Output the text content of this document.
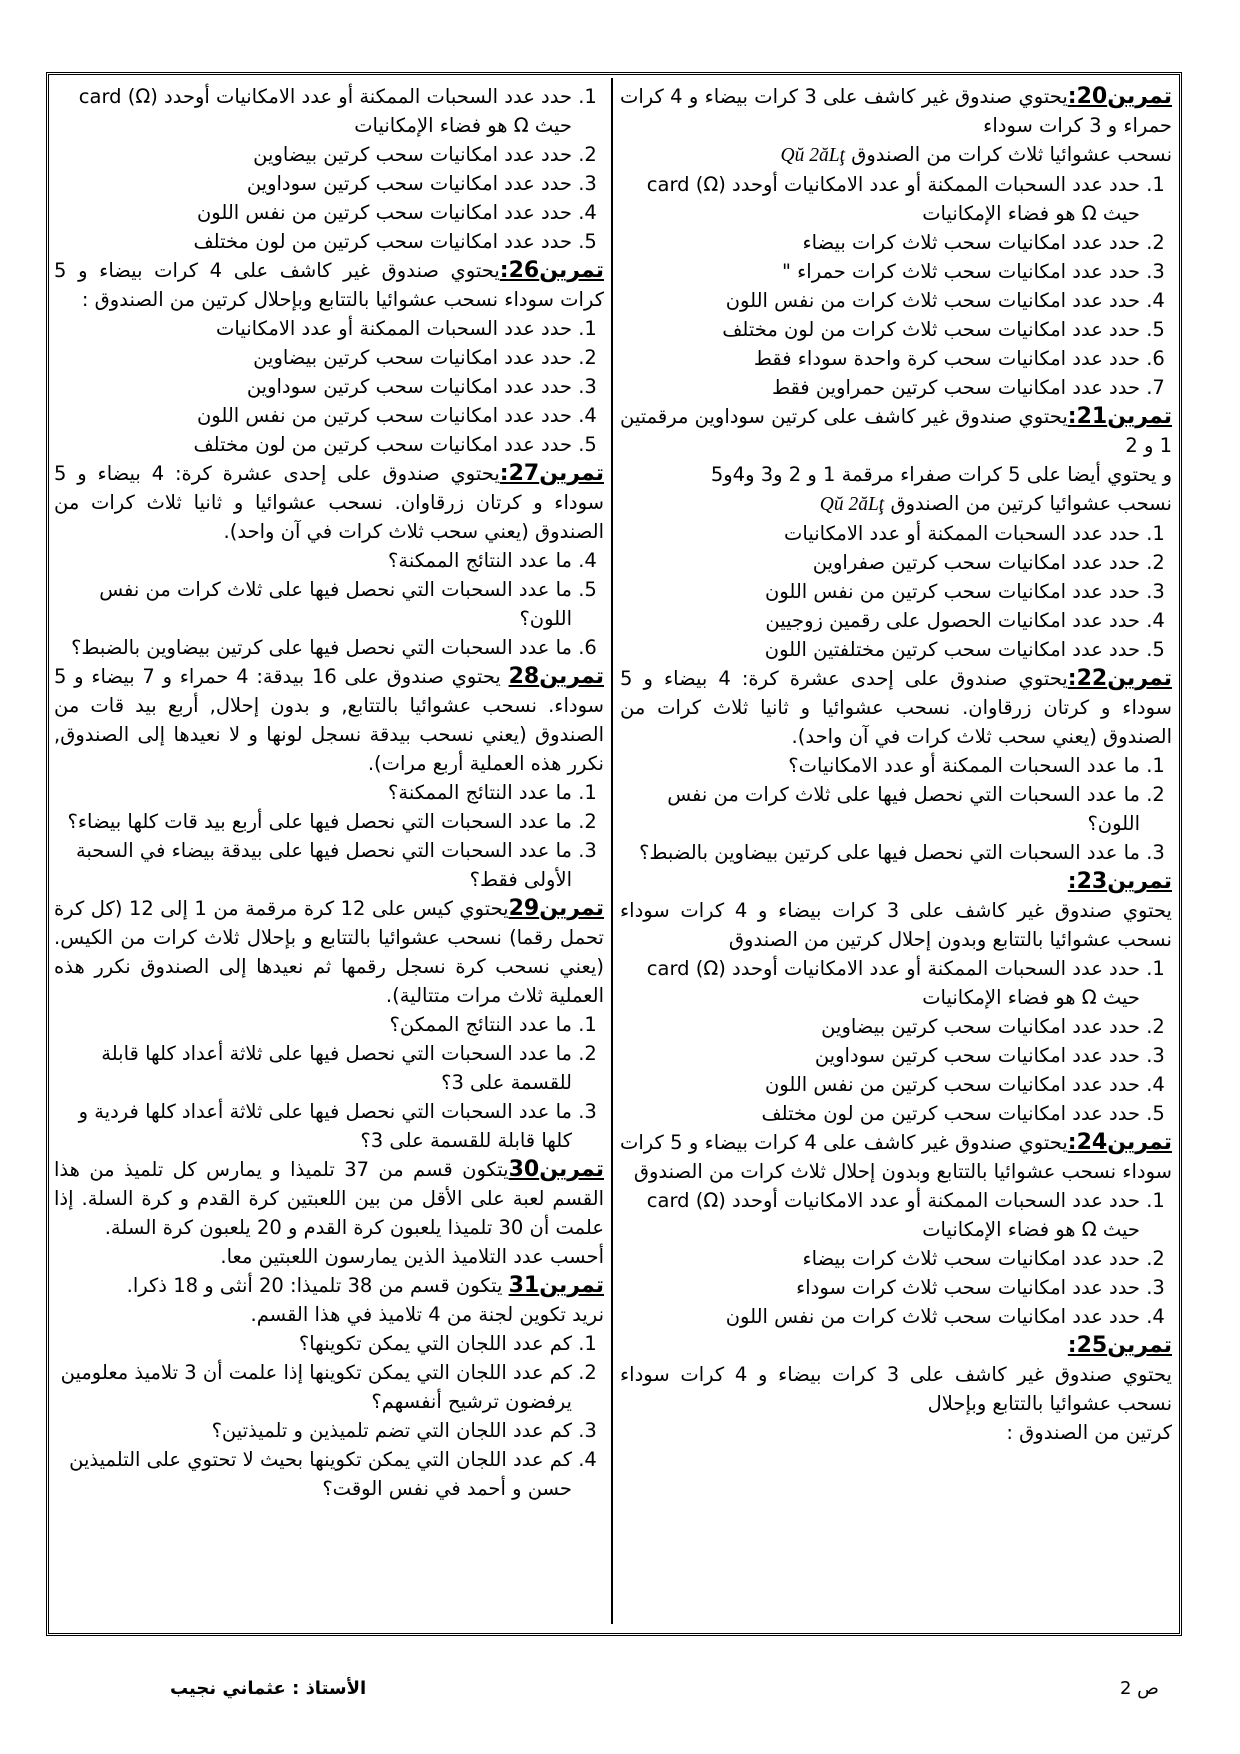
تمرين20:يحتوي صندوق غير كاشف على 3 كرات بيضاء و 4 كرات حمراء و 3 كرات سوداء

نسحب عشوائيا ثلاث كرات من الصندوق Qŭ 2ăLţ

1. حدد عدد السحبات الممكنة أو عدد الامكانيات أوحدد card (Ω) حيث Ω هو فضاء الإمكانيات
2. حدد عدد امكانيات سحب ثلاث كرات بيضاء
3. حدد عدد امكانيات سحب ثلاث كرات حمراء "
4. حدد عدد امكانيات سحب ثلاث كرات من نفس اللون
5. حدد عدد امكانيات سحب ثلاث كرات من لون مختلف
6. حدد عدد امكانيات سحب كرة واحدة سوداء فقط
7. حدد عدد امكانيات سحب كرتين حمراوين فقط

تمرين21:يحتوي صندوق غير كاشف على كرتين سوداوين مرقمتين 1 و 2

و يحتوي أيضا على 5 كرات صفراء مرقمة 1 و 2 و3 و4و5

نسحب عشوائيا كرتين من الصندوق Qŭ 2ăLţ

1. حدد عدد السحبات الممكنة أو عدد الامكانيات
2. حدد عدد امكانيات سحب كرتين صفراوين
3. حدد عدد امكانيات سحب كرتين من نفس اللون
4. حدد عدد امكانيات الحصول على رقمين زوجيين
5. حدد عدد امكانيات سحب كرتين مختلفتين اللون

تمرين22:يحتوي صندوق على إحدى عشرة كرة: 4 بيضاء و 5 سوداء و كرتان زرقاوان. نسحب عشوائيا و ثانيا ثلاث كرات من الصندوق (يعني سحب ثلاث كرات في آن واحد).

1. ما عدد السحبات الممكنة أو عدد الامكانيات؟
2. ما عدد السحبات التي نحصل فيها على ثلاث كرات من نفس اللون؟
3. ما عدد السحبات التي نحصل فيها على كرتين بيضاوين بالضبط؟

تمرين23:

يحتوي صندوق غير كاشف على 3 كرات بيضاء و 4 كرات سوداء نسحب عشوائيا بالتتابع وبدون إحلال كرتين من الصندوق

1. حدد عدد السحبات الممكنة أو عدد الامكانيات أوحدد card (Ω) حيث Ω هو فضاء الإمكانيات
2. حدد عدد امكانيات سحب كرتين بيضاوين
3. حدد عدد امكانيات سحب كرتين سوداوين
4. حدد عدد امكانيات سحب كرتين من نفس اللون
5. حدد عدد امكانيات سحب كرتين من لون مختلف

تمرين24:يحتوي صندوق غير كاشف على 4 كرات بيضاء و 5 كرات سوداء نسحب عشوائيا بالتتابع وبدون إحلال ثلاث كرات من الصندوق

1. حدد عدد السحبات الممكنة أو عدد الامكانيات أوحدد card (Ω) حيث Ω هو فضاء الإمكانيات
2. حدد عدد امكانيات سحب ثلاث كرات بيضاء
3. حدد عدد امكانيات سحب ثلاث كرات سوداء
4. حدد عدد امكانيات سحب ثلاث كرات من نفس اللون

تمرين25:

يحتوي صندوق غير كاشف على 3 كرات بيضاء و 4 كرات سوداء نسحب عشوائيا بالتتابع وبإحلال

كرتين من الصندوق :

1. حدد عدد السحبات الممكنة أو عدد الامكانيات أوحدد card (Ω) حيث Ω هو فضاء الإمكانيات
2. حدد عدد امكانيات سحب كرتين بيضاوين
3. حدد عدد امكانيات سحب كرتين سوداوين
4. حدد عدد امكانيات سحب كرتين من نفس اللون
5. حدد عدد امكانيات سحب كرتين من لون مختلف

تمرين26:يحتوي صندوق غير كاشف على 4 كرات بيضاء و 5 كرات سوداء نسحب عشوائيا بالتتابع وبإحلال كرتين من الصندوق :

1. حدد عدد السحبات الممكنة أو عدد الامكانيات
2. حدد عدد امكانيات سحب كرتين بيضاوين
3. حدد عدد امكانيات سحب كرتين سوداوين
4. حدد عدد امكانيات سحب كرتين من نفس اللون
5. حدد عدد امكانيات سحب كرتين من لون مختلف

تمرين27:يحتوي صندوق على إحدى عشرة كرة: 4 بيضاء و 5 سوداء و كرتان زرقاوان. نسحب عشوائيا و ثانيا ثلاث كرات من الصندوق (يعني سحب ثلاث كرات في آن واحد).

4. ما عدد النتائج الممكنة؟
5. ما عدد السحبات التي نحصل فيها على ثلاث كرات من نفس اللون؟
6. ما عدد السحبات التي نحصل فيها على كرتين بيضاوين بالضبط؟

تمرين28 يحتوي صندوق على 16 بيدقة: 4 حمراء و 7 بيضاء و 5 سوداء. نسحب عشوائيا بالتتابع, و بدون إحلال, أربع بيد قات من الصندوق (يعني نسحب بيدقة نسجل لونها و لا نعيدها إلى الصندوق, نكرر هذه العملية أربع مرات).

1. ما عدد النتائج الممكنة؟
2. ما عدد السحبات التي نحصل فيها على أربع بيد قات كلها بيضاء؟
3. ما عدد السحبات التي نحصل فيها على بيدقة بيضاء في السحبة الأولى فقط؟

تمرين29يحتوي كيس على 12 كرة مرقمة من 1 إلى 12 (كل كرة تحمل رقما) نسحب عشوائيا بالتتابع و بإحلال ثلاث كرات من الكيس.(يعني نسحب كرة نسجل رقمها ثم نعيدها إلى الصندوق نكرر هذه العملية ثلاث مرات متتالية).

1. ما عدد النتائج الممكن؟
2. ما عدد السحبات التي نحصل فيها على ثلاثة أعداد كلها قابلة للقسمة على 3؟
3. ما عدد السحبات التي نحصل فيها على ثلاثة أعداد كلها فردية و كلها قابلة للقسمة على 3؟

تمرين30يتكون قسم من 37 تلميذا و يمارس كل تلميذ من هذا القسم لعبة على الأقل من بين اللعبتين كرة القدم و كرة السلة. إذا علمت أن 30 تلميذا يلعبون كرة القدم و 20 يلعبون كرة السلة.

أحسب عدد التلاميذ الذين يمارسون اللعبتين معا.

تمرين31 يتكون قسم من 38 تلميذا: 20 أنثى و 18 ذكرا.

نريد تكوين لجنة من 4 تلاميذ في هذا القسم.

1. كم عدد اللجان التي يمكن تكوينها؟
2. كم عدد اللجان التي يمكن تكوينها إذا علمت أن 3 تلاميذ معلومين يرفضون ترشيح أنفسهم؟
3. كم عدد اللجان التي تضم تلميذين و تلميذتين؟
4. كم عدد اللجان التي يمكن تكوينها بحيث لا تحتوي على التلميذين حسن و أحمد في نفس الوقت؟
الأستاذ : عثماني نجيب	ص 2
